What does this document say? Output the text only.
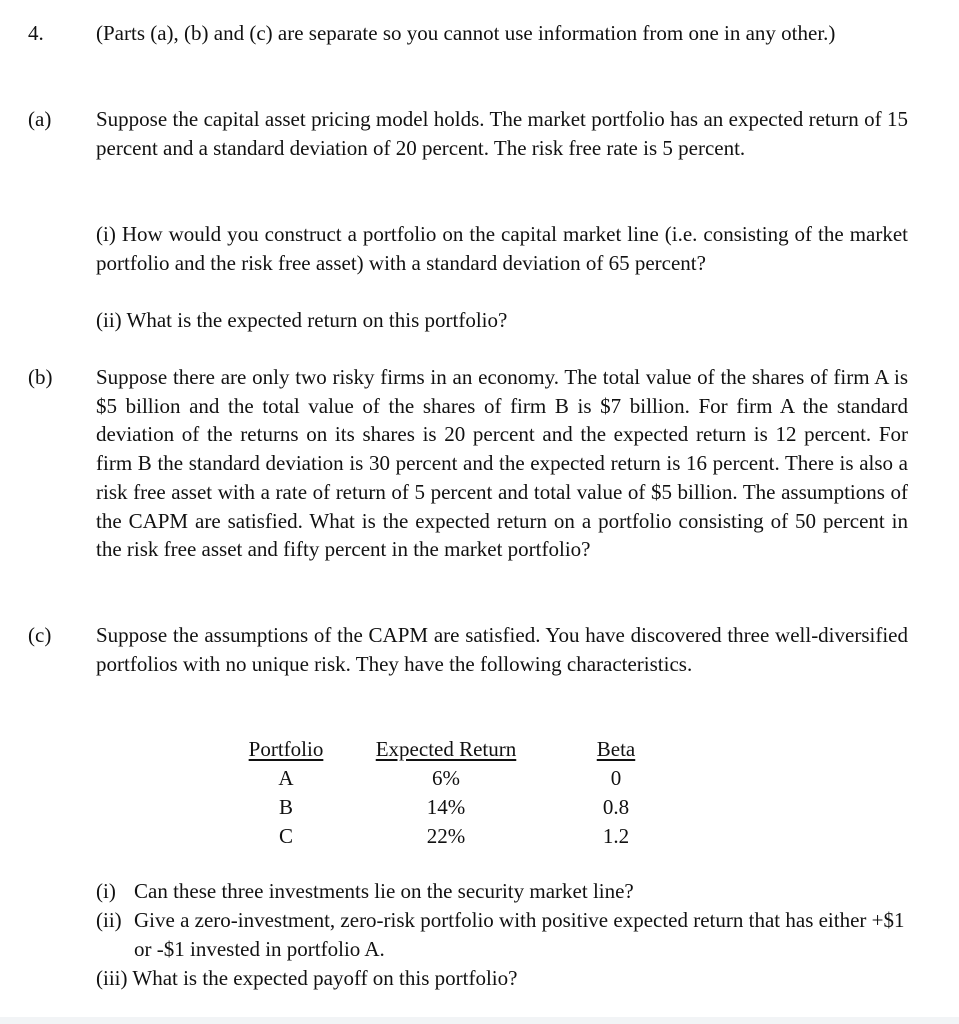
4. (Parts (a), (b) and (c) are separate so you cannot use information from one in any other.)

(a) Suppose the capital asset pricing model holds. The market portfolio has an expected return of 15 percent and a standard deviation of 20 percent. The risk free rate is 5 percent.

(i) How would you construct a portfolio on the capital market line (i.e. consisting of the market portfolio and the risk free asset) with a standard deviation of 65 percent?

(ii) What is the expected return on this portfolio?

(b) Suppose there are only two risky firms in an economy. The total value of the shares of firm A is $5 billion and the total value of the shares of firm B is $7 billion. For firm A the standard deviation of the returns on its shares is 20 percent and the expected return is 12 percent. For firm B the standard deviation is 30 percent and the expected return is 16 percent. There is also a risk free asset with a rate of return of 5 percent and total value of $5 billion. The assumptions of the CAPM are satisfied. What is the expected return on a portfolio consisting of 50 percent in the risk free asset and fifty percent in the market portfolio?

(c) Suppose the assumptions of the CAPM are satisfied. You have discovered three well-diversified portfolios with no unique risk. They have the following characteristics.

Portfolio	Expected Return	Beta
A	6%	0
B	14%	0.8
C	22%	1.2
(i) Can these three investments lie on the security market line?
(ii) Give a zero-investment, zero-risk portfolio with positive expected return that has either +$1 or -$1 invested in portfolio A.
(iii) What is the expected payoff on this portfolio?
